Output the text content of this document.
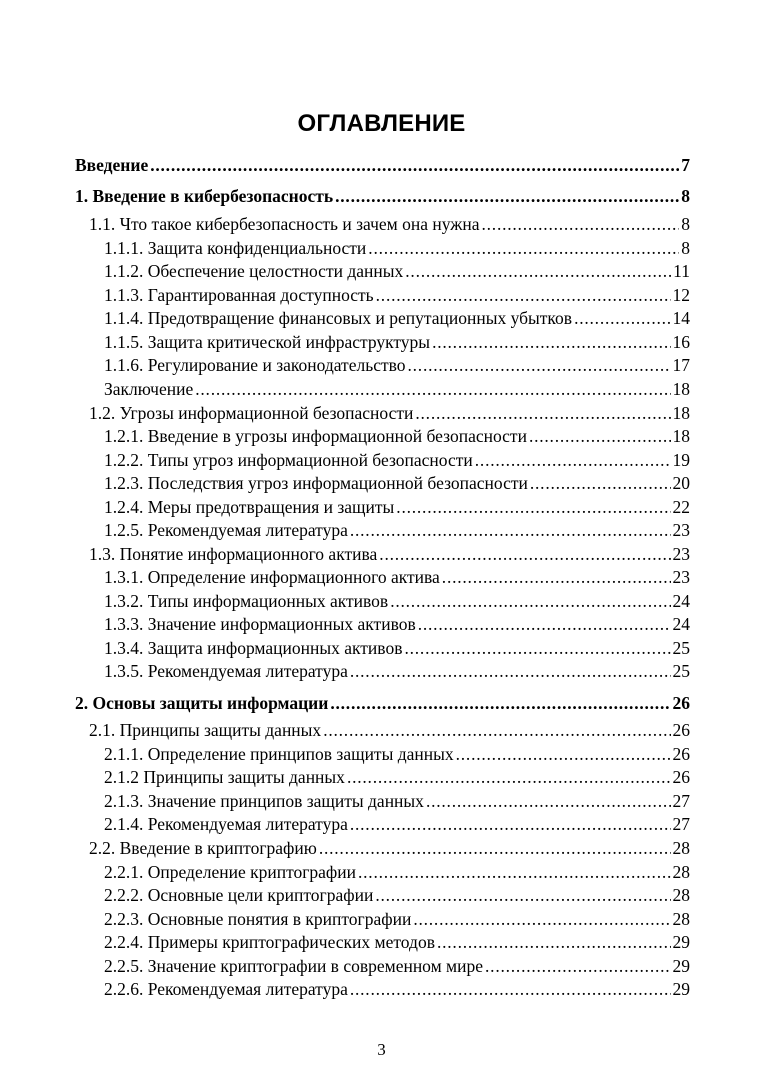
ОГЛАВЛЕНИЕ
Введение . . .	7
1. Введение в кибербезопасность . . .	8
1.1. Что такое кибербезопасность и зачем она нужна . . .	8
1.1.1. Защита конфиденциальности . . .	8
1.1.2. Обеспечение целостности данных . . .	11
1.1.3. Гарантированная доступность . . .	12
1.1.4. Предотвращение финансовых и репутационных убытков . . .	14
1.1.5. Защита критической инфраструктуры . . .	16
1.1.6. Регулирование и законодательство . . .	17
Заключение . . .	18
1.2. Угрозы информационной безопасности . . .	18
1.2.1. Введение в угрозы информационной безопасности . . .	18
1.2.2. Типы угроз информационной безопасности . . .	19
1.2.3. Последствия угроз информационной безопасности . . .	20
1.2.4. Меры предотвращения и защиты . . .	22
1.2.5. Рекомендуемая литература . . .	23
1.3. Понятие информационного актива . . .	23
1.3.1. Определение информационного актива . . .	23
1.3.2. Типы информационных активов . . .	24
1.3.3. Значение информационных активов . . .	24
1.3.4. Защита информационных активов . . .	25
1.3.5. Рекомендуемая литература . . .	25
2. Основы защиты информации . . .	26
2.1. Принципы защиты данных . . .	26
2.1.1. Определение принципов защиты данных . . .	26
2.1.2 Принципы защиты данных . . .	26
2.1.3. Значение принципов защиты данных . . .	27
2.1.4. Рекомендуемая литература . . .	27
2.2. Введение в криптографию . . .	28
2.2.1. Определение криптографии . . .	28
2.2.2. Основные цели криптографии . . .	28
2.2.3. Основные понятия в криптографии . . .	28
2.2.4. Примеры криптографических методов . . .	29
2.2.5. Значение криптографии в современном мире . . .	29
2.2.6. Рекомендуемая литература . . .	29
3
